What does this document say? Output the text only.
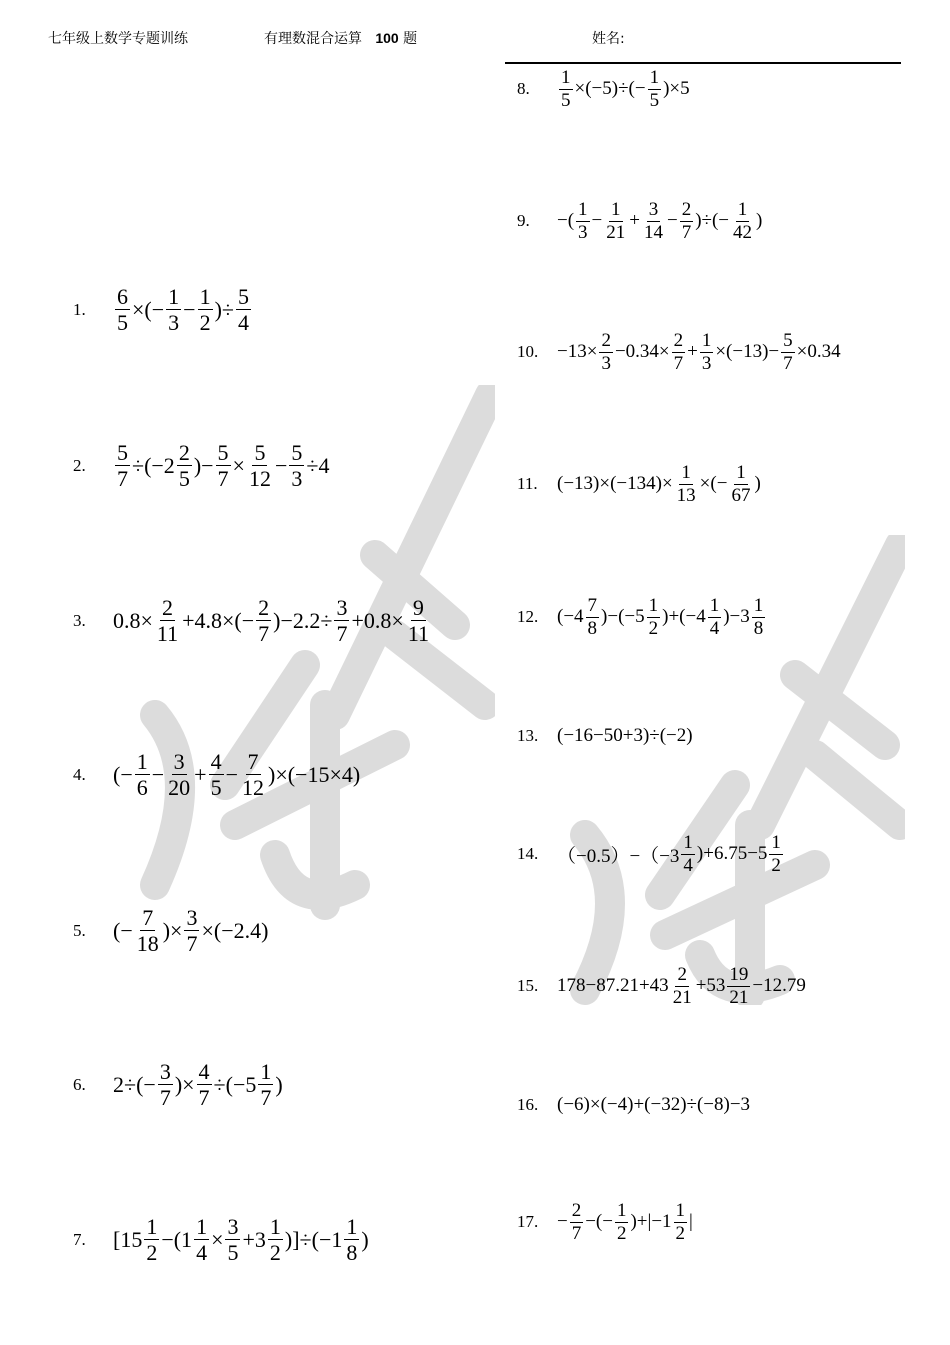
七年级上数学专题训练	有理数混合运算 100 题	姓名:
1.	$\frac{6}{5}$ ×(− $\frac{1}{3} - \frac{1}{2}$ )÷ $\frac{5}{4}$
2.	$\frac{5}{7} \div(-2 \frac{2}{5}$ )− $\frac{5}{7} \times \frac{5}{12} - \frac{5}{3} \div 4$
3.	$0.8\times \frac{2}{11} +4.8\times(- \frac{2}{7} )-2.2\div \frac{3}{7} +0.8\times \frac{9}{11}$
4.	(− $\frac{1}{6} - \frac{3}{20} + \frac{4}{5} - \frac{7}{12} )\times(-15\times 4)$
5.	(− $\frac{7}{18}$ )× $\frac{3}{7} \times(-2.4)$
6.	$2\div(- \frac{3}{7}$ )× $\frac{4}{7} \div(-5 \frac{1}{7}$ )
7.	$[15 \frac{1}{2} -(1 \frac{1}{4} \times \frac{3}{5} +3 \frac{1}{2} )]\div(-1 \frac{1}{8}$ )
8.	$\frac{1}{5} \times(-5)\div(- \frac{1}{5} )\times 5$
9.	−( $\frac{1}{3} - \frac{1}{21} + \frac{3}{14} - \frac{2}{7}$ )÷(− $\frac{1}{42}$ )
10. $-13\times \frac{2}{3} -0.34\times \frac{2}{7} + \frac{1}{3} \times(-13)- \frac{5}{7} \times 0.34$
11.	$(-13)\times(-134)\times \frac{1}{13}$ ×(− $\frac{1}{67}$ )
12. $(-4 \frac{7}{8} )-(-5 \frac{1}{2} )+(-4 \frac{1}{4} )-3 \frac{1}{8}$
13. (−16−50+3)÷(−2)
14. $(-0.5)-(-3 \frac{1}{4} )+6.75-5 \frac{1}{2}$
15. $178-87.21+43 \frac{2}{21} +53 \frac{19}{21} -12.79$
16. (−6)×(−4)+(−32)÷(−8)−3
17. − $\frac{2}{7}$ −(− $\frac{1}{2} )+|-1 \frac{1}{2}$ |
